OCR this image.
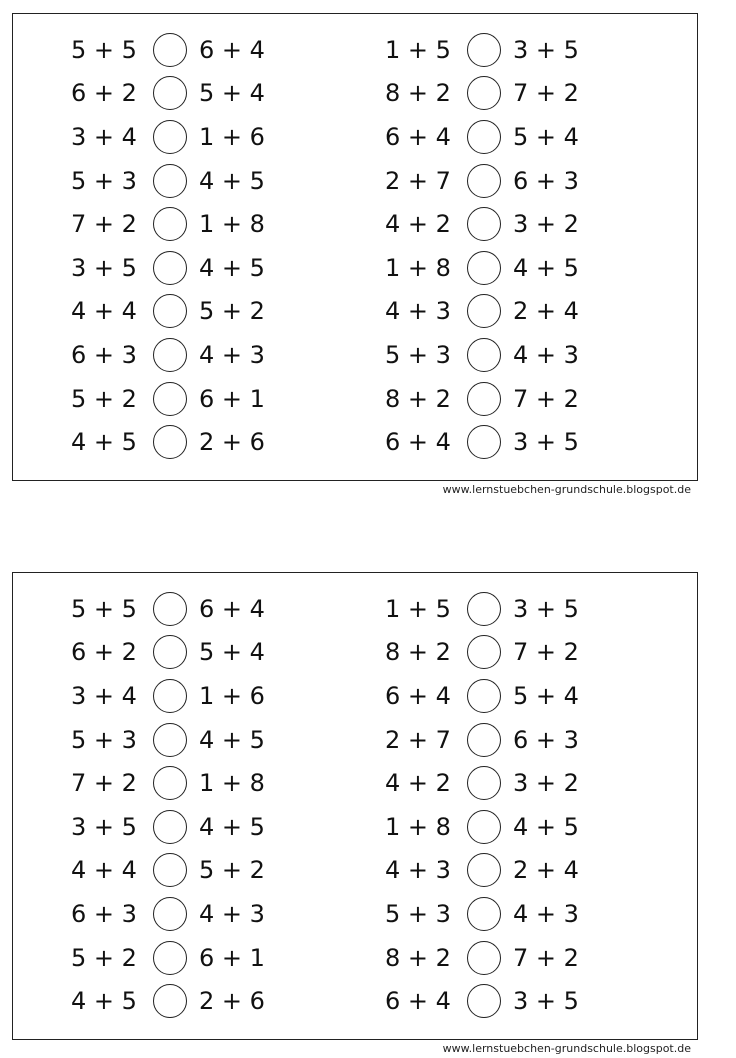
5 + 5	6 + 4
6 + 2	5 + 4
3 + 4	1 + 6
5 + 3	4 + 5
7 + 2	1 + 8
3 + 5	4 + 5
4 + 4	5 + 2
6 + 3	4 + 3
5 + 2	6 + 1
4 + 5	2 + 6
1 + 5	3 + 5
8 + 2	7 + 2
6 + 4	5 + 4
2 + 7	6 + 3
4 + 2	3 + 2
1 + 8	4 + 5
4 + 3	2 + 4
5 + 3	4 + 3
8 + 2	7 + 2
6 + 4	3 + 5
www.lernstuebchen-grundschule.blogspot.de
5 + 5	6 + 4
6 + 2	5 + 4
3 + 4	1 + 6
5 + 3	4 + 5
7 + 2	1 + 8
3 + 5	4 + 5
4 + 4	5 + 2
6 + 3	4 + 3
5 + 2	6 + 1
4 + 5	2 + 6
1 + 5	3 + 5
8 + 2	7 + 2
6 + 4	5 + 4
2 + 7	6 + 3
4 + 2	3 + 2
1 + 8	4 + 5
4 + 3	2 + 4
5 + 3	4 + 3
8 + 2	7 + 2
6 + 4	3 + 5
www.lernstuebchen-grundschule.blogspot.de
